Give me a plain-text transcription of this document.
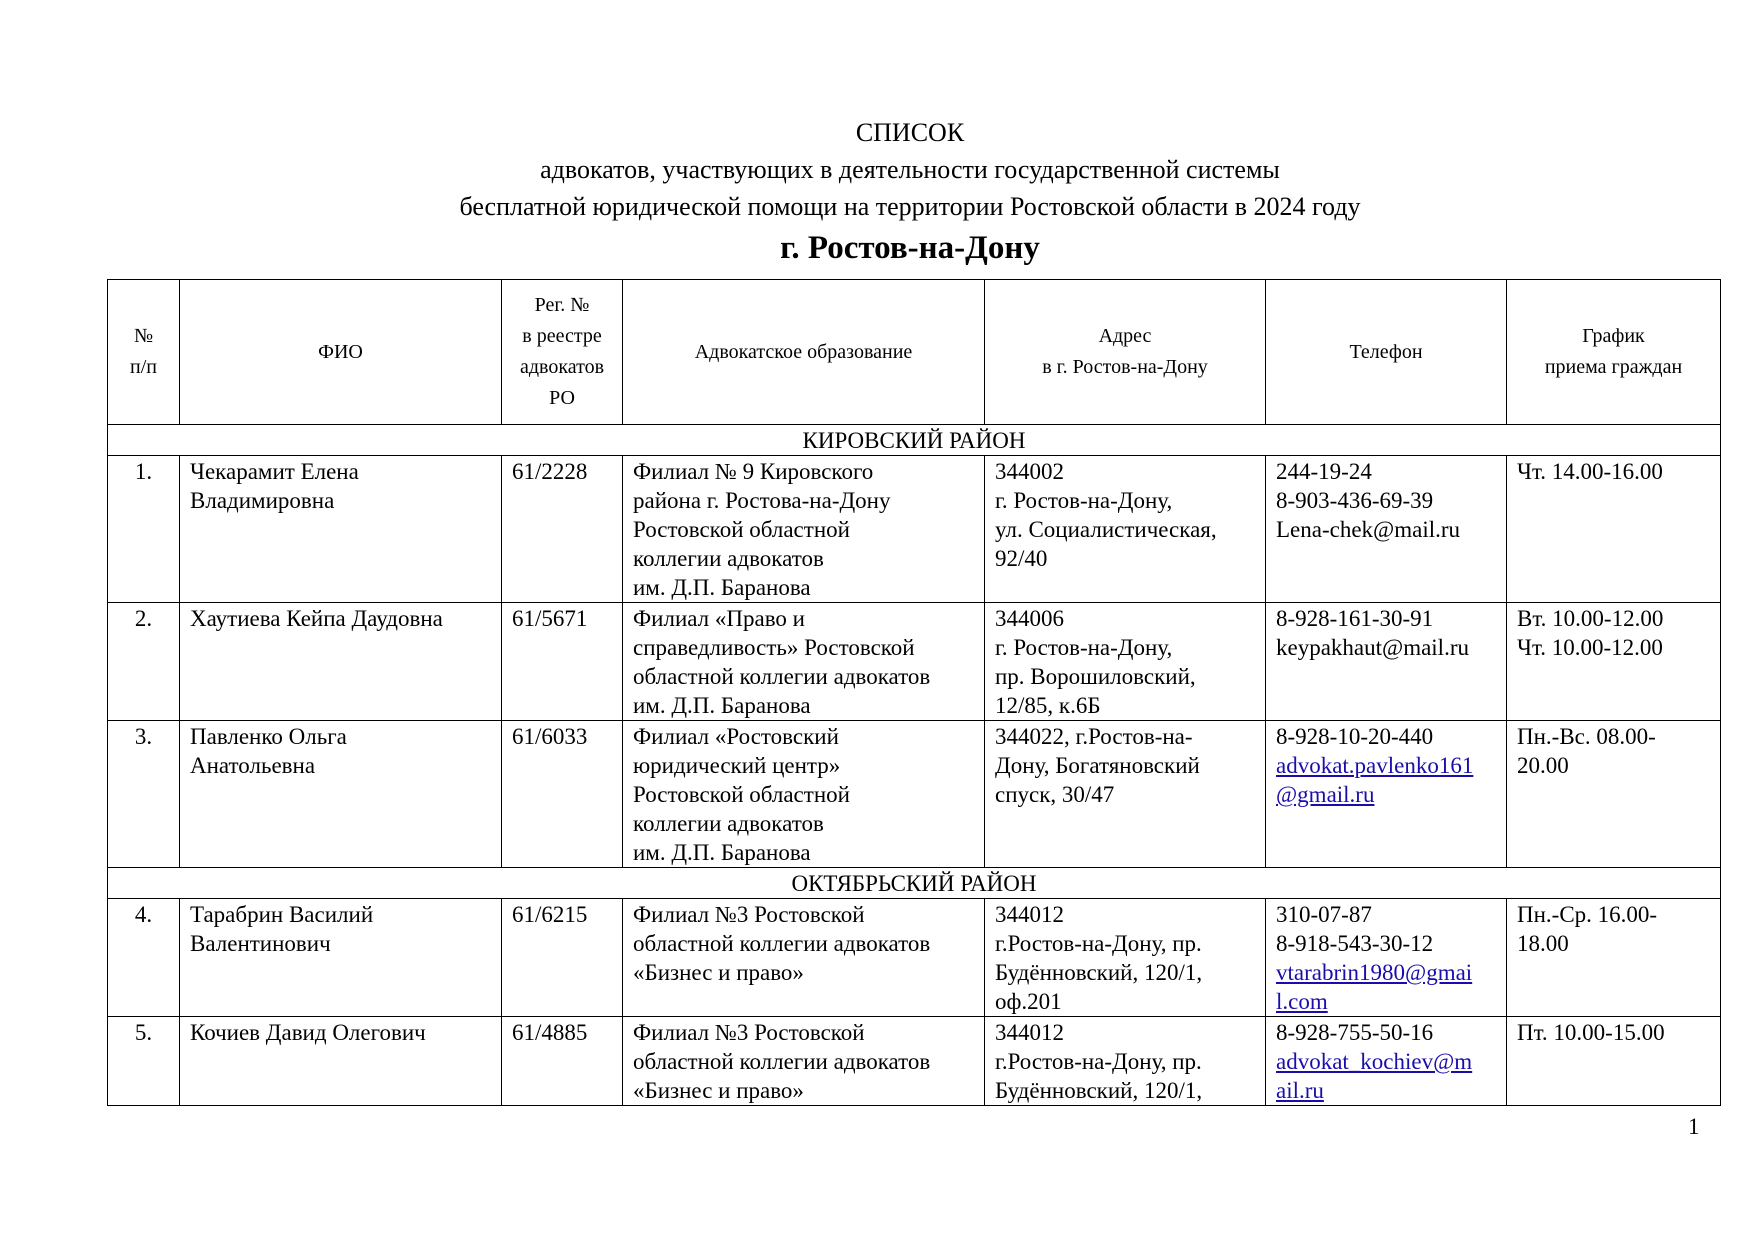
СПИСОК
адвокатов, участвующих в деятельности государственной системы
бесплатной юридической помощи на территории Ростовской области в 2024 году
г. Ростов-на-Дону
№
п/п	ФИО	Рег. №
в реестре
адвокатов
РО	Адвокатское образование	Адрес
в г. Ростов-на-Дону	Телефон	График
приема граждан

КИРОВСКИЙ РАЙОН						
1.	Чекарамит Елена
Владимировна	61/2228	Филиал № 9 Кировского
района г. Ростова-на-Дону
Ростовской областной
коллегии адвокатов
им. Д.П. Баранова	344002
г. Ростов-на-Дону,
ул. Социалистическая,
92/40	244-19-24
8-903-436-69-39
Lena-chek@mail.ru	Чт. 14.00-16.00

2.	Хаутиева Кейпа Даудовна	61/5671	Филиал «Право и
справедливость» Ростовской
областной коллегии адвокатов
им. Д.П. Баранова	344006
г. Ростов-на-Дону,
пр. Ворошиловский,
12/85, к.6Б	8-928-161-30-91
keypakhaut@mail.ru	Вт. 10.00-12.00
Чт. 10.00-12.00

3.	Павленко Ольга
Анатольевна	61/6033	Филиал «Ростовский
юридический центр»
Ростовской областной
коллегии адвокатов
им. Д.П. Баранова	344022, г.Ростов-на-
Дону, Богатяновский
спуск, 30/47	8-928-10-20-440
advokat.pavlenko161
@gmail.ru	Пн.-Вс. 08.00-
20.00

ОКТЯБРЬСКИЙ РАЙОН						
4.	Тарабрин Василий
Валентинович	61/6215	Филиал №3 Ростовской
областной коллегии адвокатов
«Бизнес и право»	344012
г.Ростов-на-Дону, пр.
Будённовский, 120/1,
оф.201	310-07-87
8-918-543-30-12
vtarabrin1980@gmai
l.com	Пн.-Ср. 16.00-
18.00

5.	Кочиев Давид Олегович	61/4885	Филиал №3 Ростовской
областной коллегии адвокатов
«Бизнес и право»	344012
г.Ростов-на-Дону, пр.
Будённовский, 120/1,	8-928-755-50-16
advokat_kochiev@m
ail.ru	Пт. 10.00-15.00
1
